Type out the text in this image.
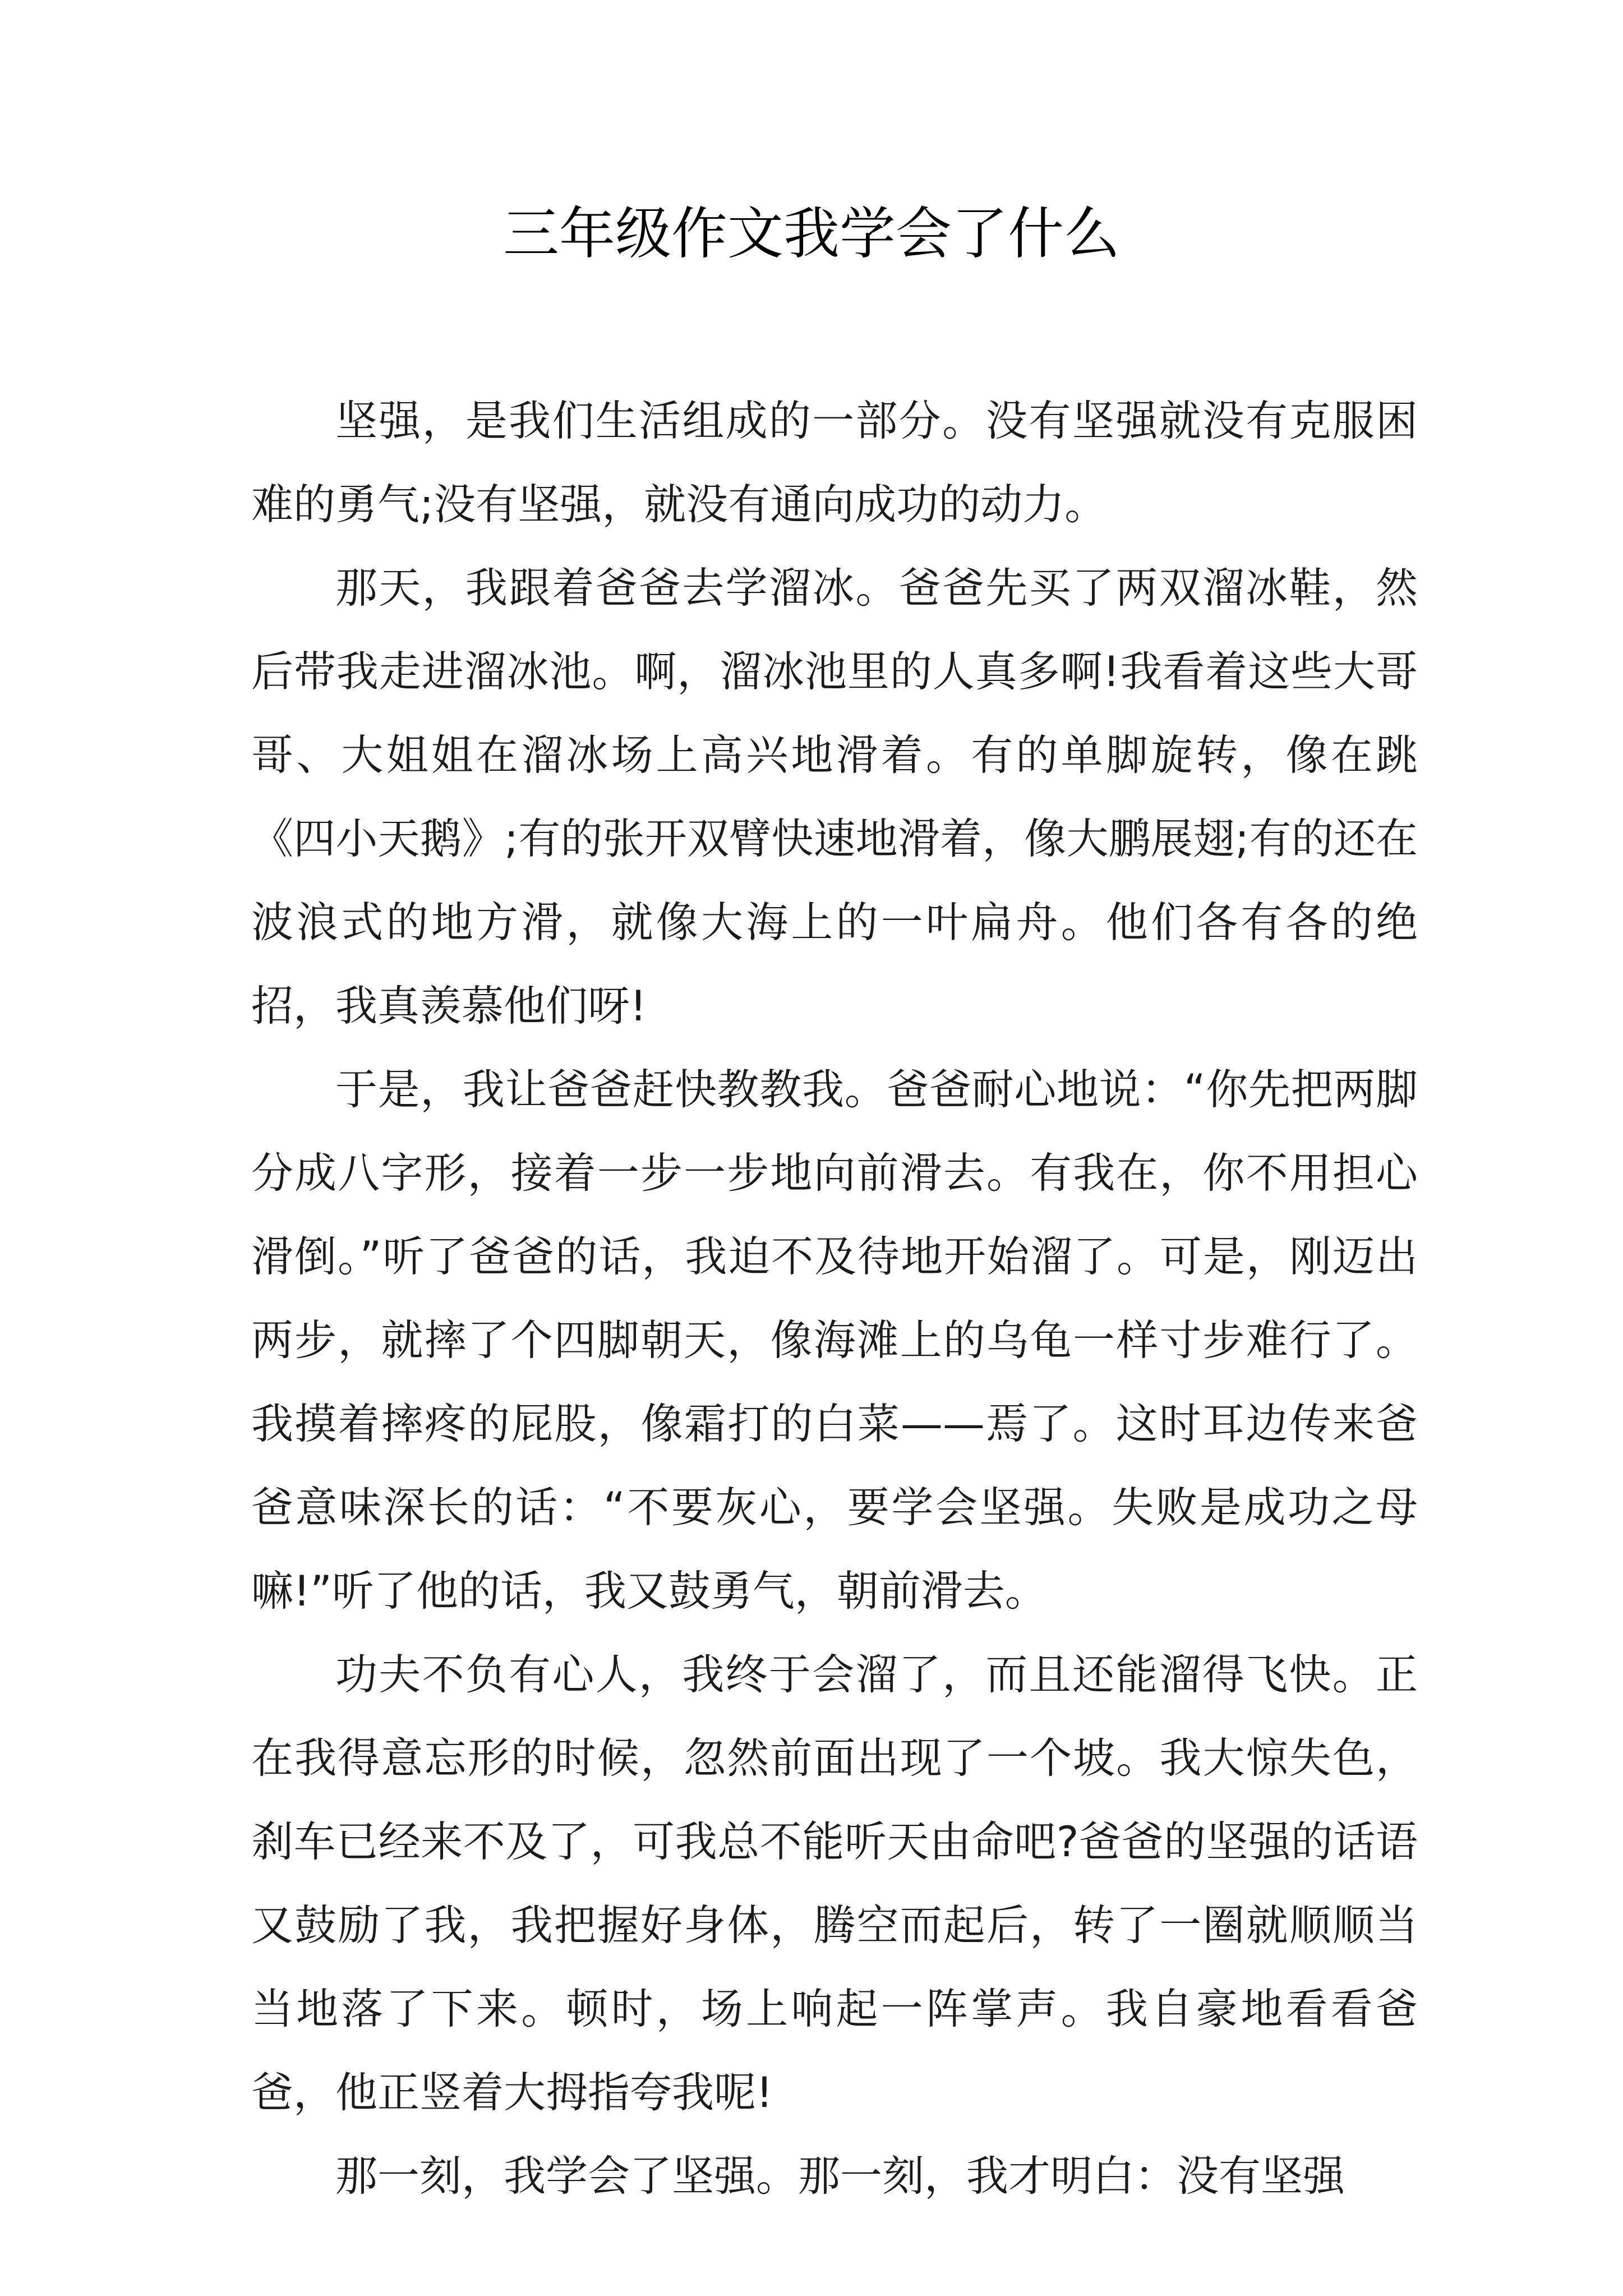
三年级作文我学会了什么

坚强，是我们生活组成的一部分。没有坚强就没有克服困难的勇气;没有坚强，就没有通向成功的动力。

那天，我跟着爸爸去学溜冰。爸爸先买了两双溜冰鞋，然后带我走进溜冰池。啊，溜冰池里的人真多啊!我看着这些大哥哥、大姐姐在溜冰场上高兴地滑着。有的单脚旋转，像在跳《四小天鹅》;有的张开双臂快速地滑着，像大鹏展翅;有的还在波浪式的地方滑，就像大海上的一叶扁舟。他们各有各的绝招，我真羡慕他们呀!

于是，我让爸爸赶快教教我。爸爸耐心地说：“你先把两脚分成八字形，接着一步一步地向前滑去。有我在，你不用担心滑倒。”听了爸爸的话，我迫不及待地开始溜了。可是，刚迈出两步，就摔了个四脚朝天，像海滩上的乌龟一样寸步难行了。我摸着摔疼的屁股，像霜打的白菜——焉了。这时耳边传来爸爸意味深长的话：“不要灰心，要学会坚强。失败是成功之母嘛!”听了他的话，我又鼓勇气，朝前滑去。

功夫不负有心人，我终于会溜了，而且还能溜得飞快。正在我得意忘形的时候，忽然前面出现了一个坡。我大惊失色，刹车已经来不及了，可我总不能听天由命吧?爸爸的坚强的话语又鼓励了我，我把握好身体，腾空而起后，转了一圈就顺顺当当地落了下来。顿时，场上响起一阵掌声。我自豪地看看爸爸，他正竖着大拇指夸我呢!

那一刻，我学会了坚强。那一刻，我才明白：没有坚强
